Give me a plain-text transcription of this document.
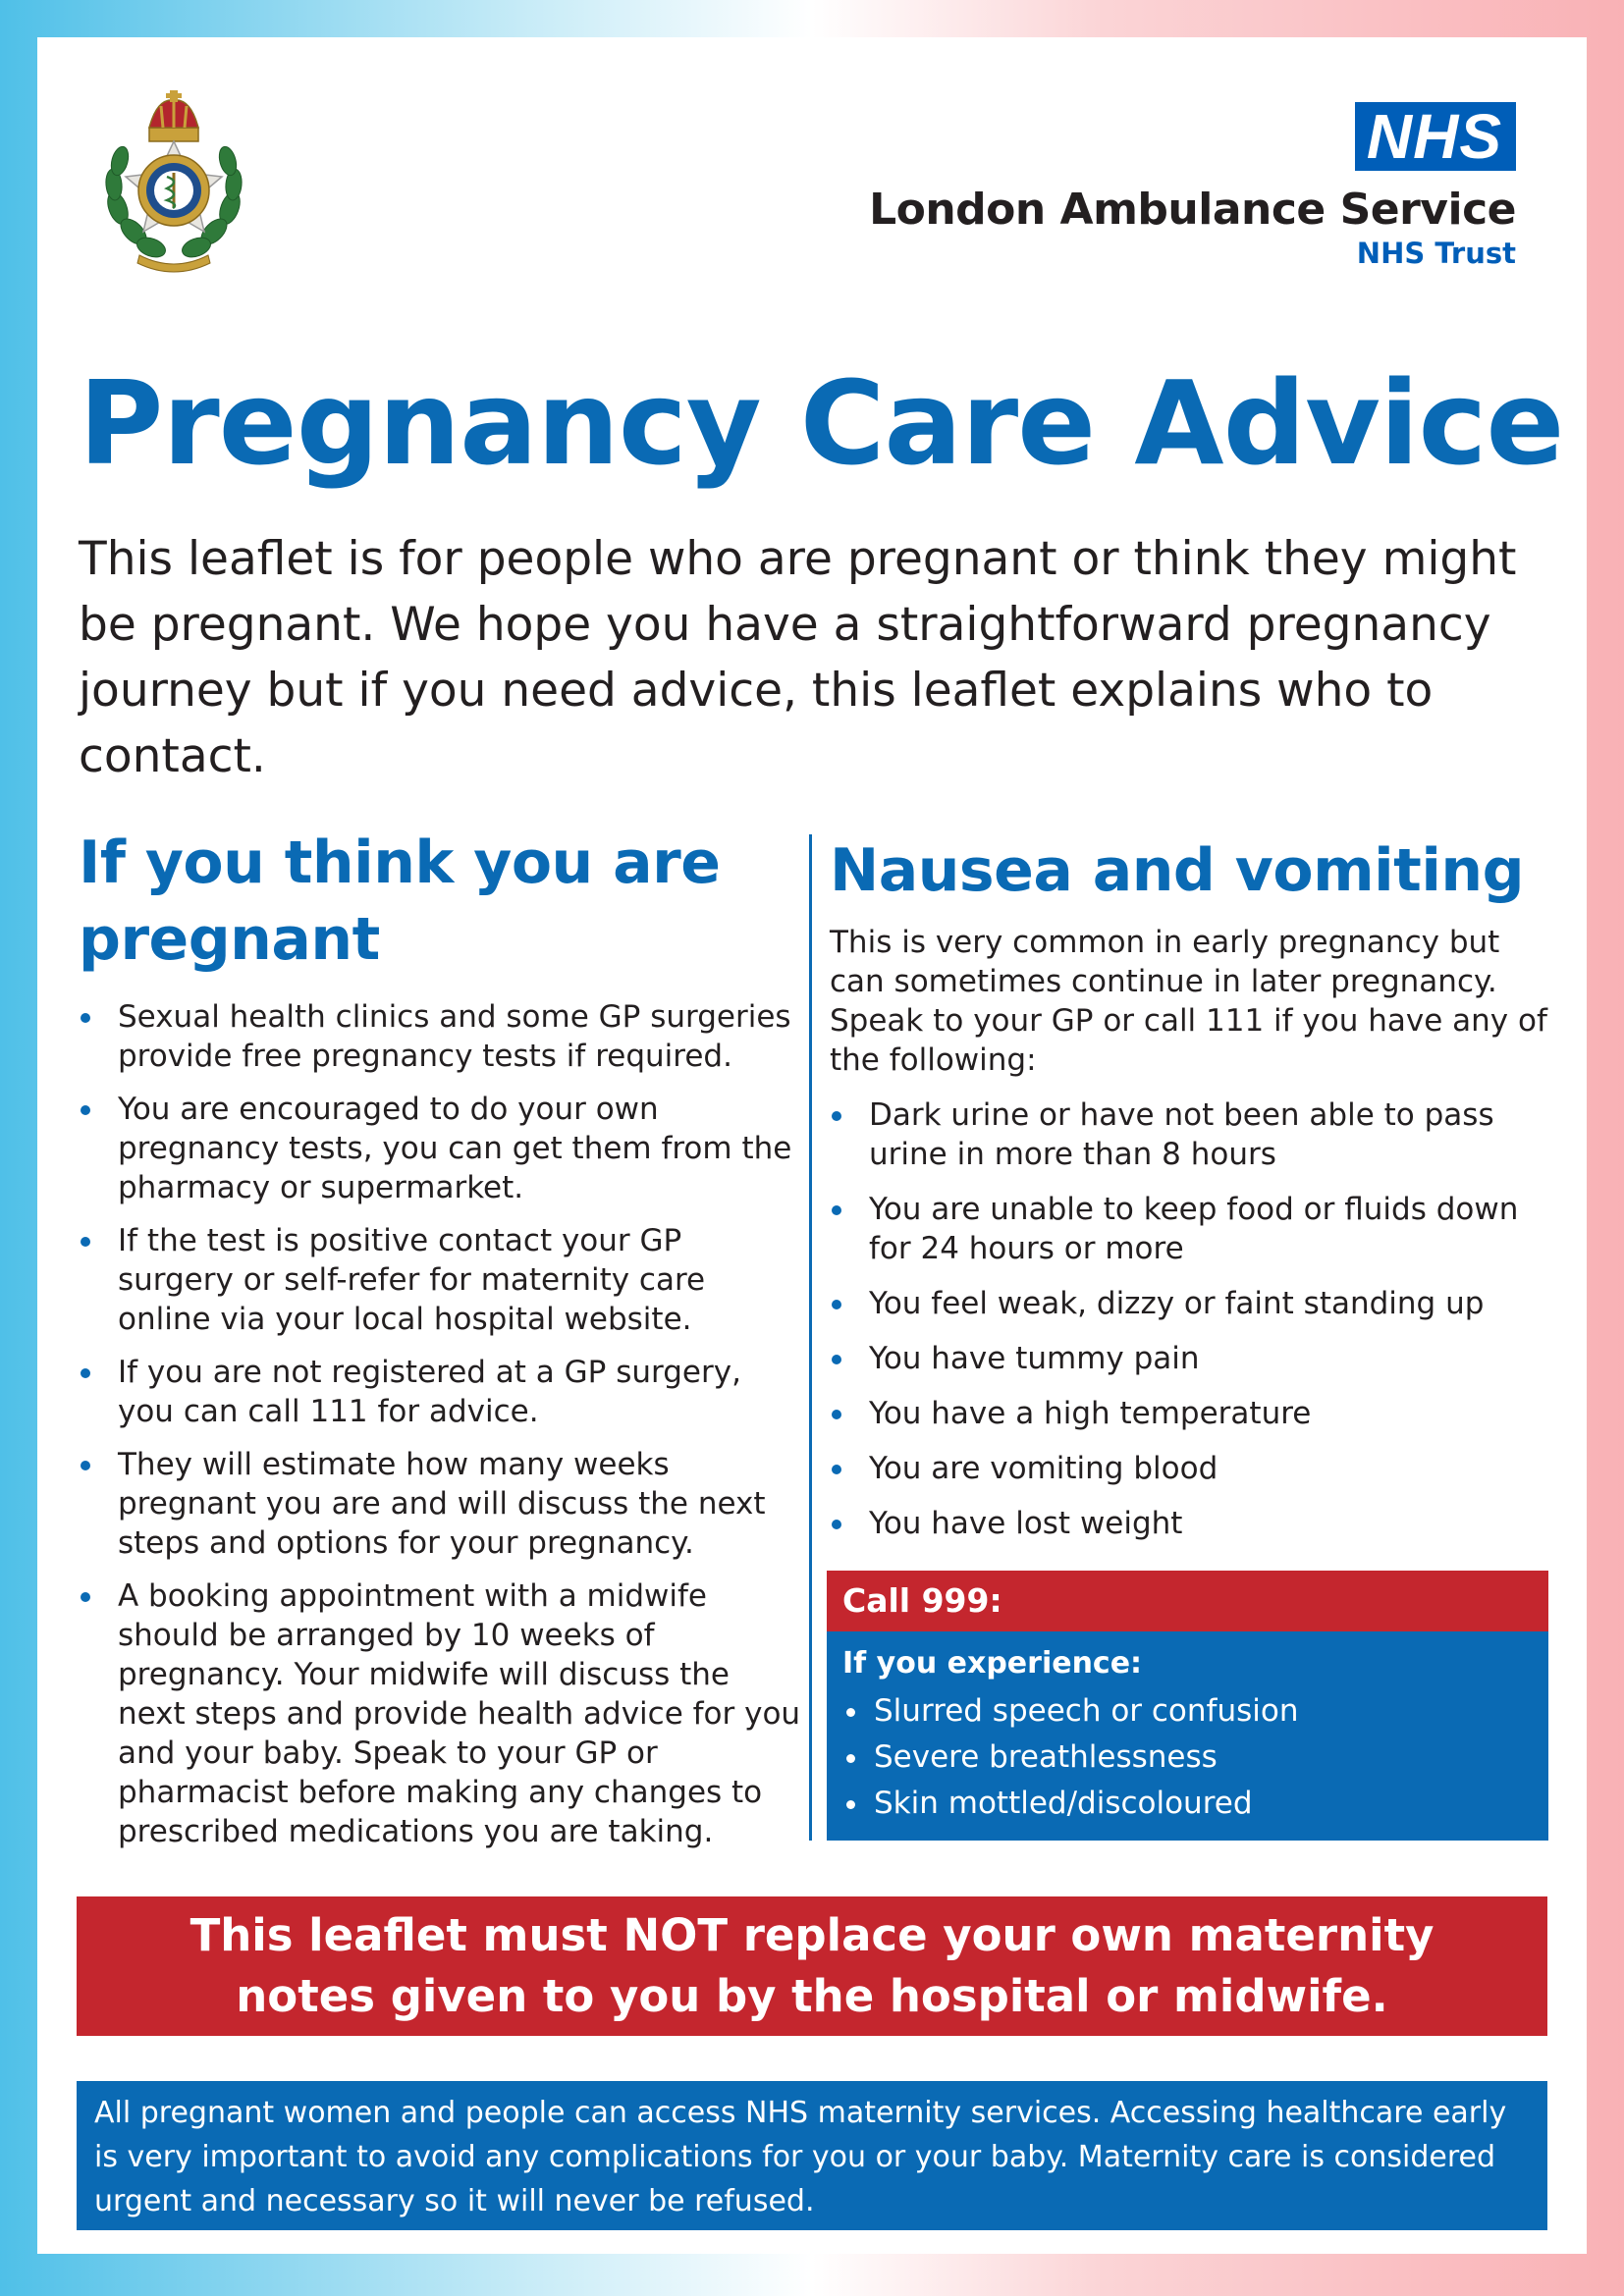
NHS
London Ambulance Service
NHS Trust
Pregnancy Care Advice

This leaflet is for people who are pregnant or think they might be pregnant. We hope you have a straightforward pregnancy journey but if you need advice, this leaflet explains who to contact.

If you think you are pregnant
Sexual health clinics and some GP surgeries provide free pregnancy tests if required.
You are encouraged to do your own pregnancy tests, you can get them from the pharmacy or supermarket.
If the test is positive contact your GP surgery or self-refer for maternity care online via your local hospital website.
If you are not registered at a GP surgery, you can call 111 for advice.
They will estimate how many weeks pregnant you are and will discuss the next steps and options for your pregnancy.
A booking appointment with a midwife should be arranged by 10 weeks of pregnancy. Your midwife will discuss the next steps and provide health advice for you and your baby. Speak to your GP or pharmacist before making any changes to prescribed medications you are taking.
Nausea and vomiting

This is very common in early pregnancy but can sometimes continue in later pregnancy. Speak to your GP or call 111 if you have any of the following:

Dark urine or have not been able to pass urine in more than 8 hours
You are unable to keep food or fluids down for 24 hours or more
You feel weak, dizzy or faint standing up
You have tummy pain
You have a high temperature
You are vomiting blood
You have lost weight
Call 999:
If you experience:
Slurred speech or confusion
Severe breathlessness
Skin mottled/discoloured
This leaflet must NOT replace your own maternity notes given to you by the hospital or midwife.

All pregnant women and people can access NHS maternity services. Accessing healthcare early is very important to avoid any complications for you or your baby. Maternity care is considered urgent and necessary so it will never be refused.
